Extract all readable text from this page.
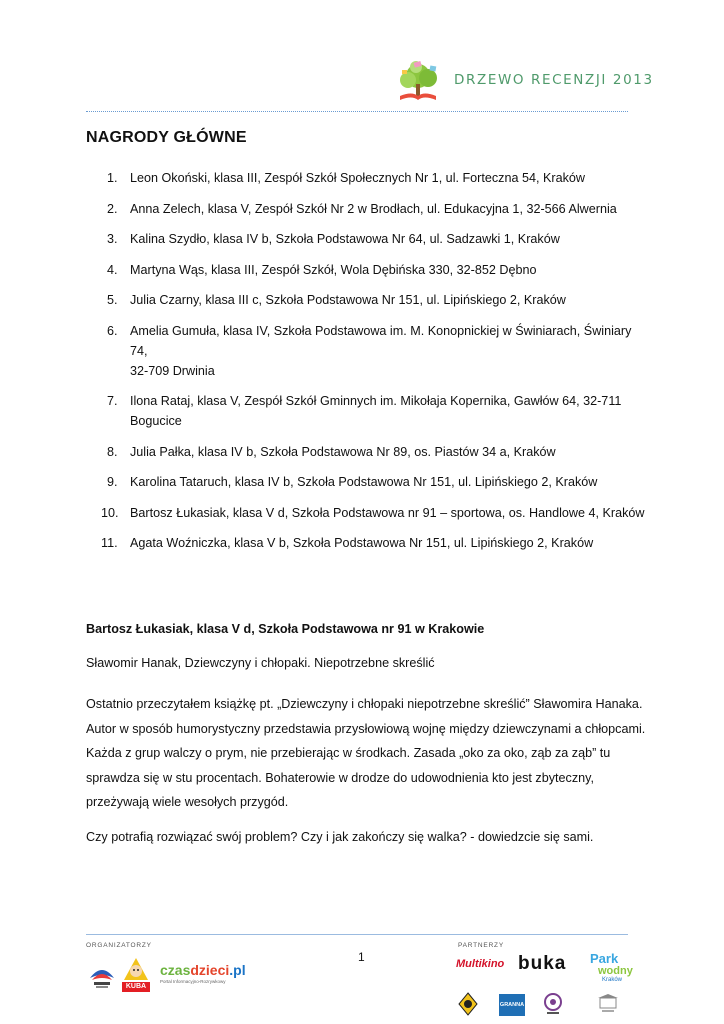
DRZEWO RECENZJI 2013
NAGRODY GŁÓWNE
1. Leon Okoński, klasa III, Zespół Szkół Społecznych Nr 1, ul. Forteczna 54, Kraków
2. Anna Zelech, klasa V, Zespół Szkół Nr 2 w Brodłach, ul. Edukacyjna 1, 32-566 Alwernia
3. Kalina Szydło, klasa IV b, Szkoła Podstawowa Nr 64, ul. Sadzawki 1, Kraków
4. Martyna Wąs, klasa III, Zespół Szkół, Wola Dębińska 330, 32-852 Dębno
5. Julia Czarny, klasa III c, Szkoła Podstawowa Nr 151, ul. Lipińskiego 2, Kraków
6. Amelia Gumuła, klasa IV, Szkoła Podstawowa im. M. Konopnickiej w Świniarach, Świniary 74,
32-709 Drwinia
7. Ilona Rataj, klasa V, Zespół Szkół Gminnych im. Mikołaja Kopernika, Gawłów 64, 32-711
Bogucice
8. Julia Pałka, klasa IV b, Szkoła Podstawowa Nr 89, os. Piastów 34 a, Kraków
9. Karolina Tataruch, klasa IV b, Szkoła Podstawowa Nr 151, ul. Lipińskiego 2, Kraków
10. Bartosz Łukasiak, klasa V d, Szkoła Podstawowa nr 91 – sportowa, os. Handlowe 4, Kraków
11. Agata Woźniczka, klasa V b, Szkoła Podstawowa Nr 151, ul. Lipińskiego 2, Kraków
Bartosz Łukasiak, klasa V d, Szkoła Podstawowa nr 91 w Krakowie
Sławomir Hanak, Dziewczyny i chłopaki. Niepotrzebne skreślić
Ostatnio przeczytałem książkę pt. „Dziewczyny i chłopaki niepotrzebne skreślić” Sławomira Hanaka.
Autor w sposób humorystyczny przedstawia przysłowiową wojnę między dziewczynami a chłopcami.
Każda z grup walczy o prym, nie przebierając w środkach. Zasada „oko za oko, ząb za ząb” tu
sprawdza się w stu procentach. Bohaterowie w drodze do udowodnienia kto jest zbyteczny,
przeżywają wiele wesołych przygód.
Czy potrafią rozwiązać swój problem? Czy i jak zakończy się walka? - dowiedzcie się sami.
ORGANIZATORZY	PARTNERZY
1
KUBA
czasdzieci.pl
Portal Informacyjno-Rozrywkowy
Multikino buka Park
wodny
Kraków
GRANNA
